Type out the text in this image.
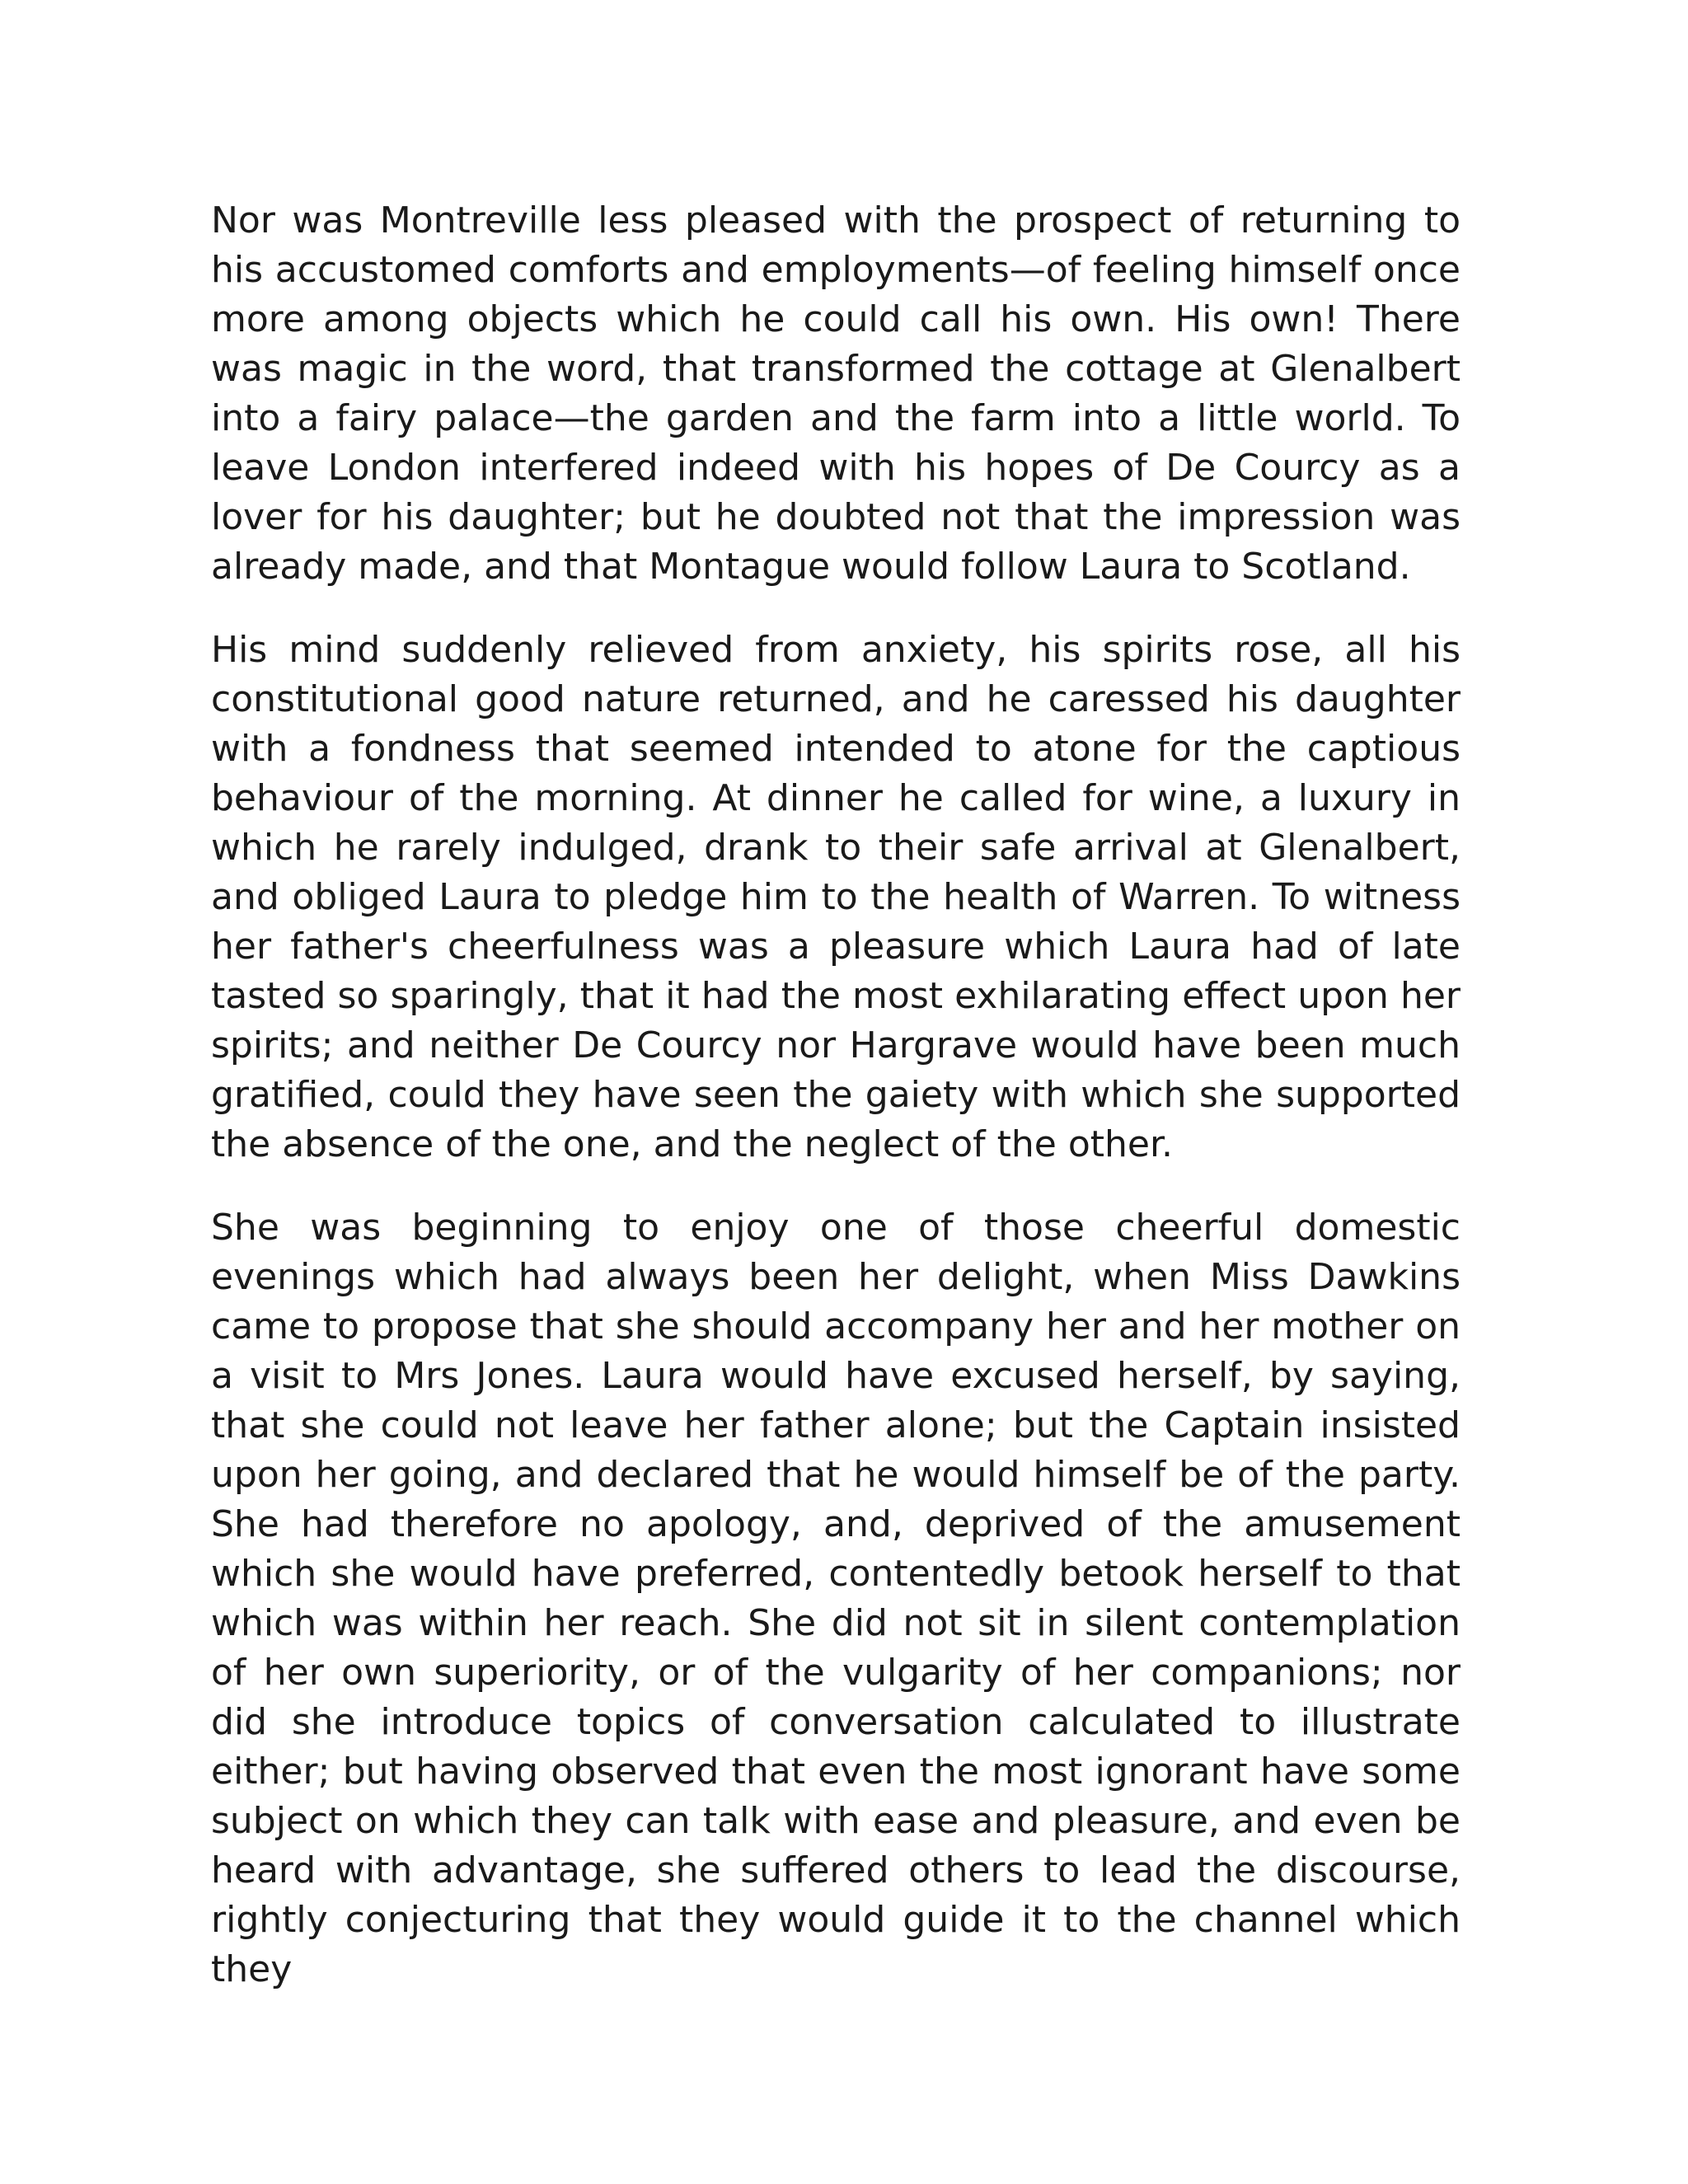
Nor was Montreville less pleased with the prospect of returning to his accustomed comforts and employments—of feeling himself once more among objects which he could call his own. His own! There was magic in the word, that transformed the cottage at Glenalbert into a fairy palace—the garden and the farm into a little world. To leave London interfered indeed with his hopes of De Courcy as a lover for his daughter; but he doubted not that the impression was already made, and that Montague would follow Laura to Scotland.

His mind suddenly relieved from anxiety, his spirits rose, all his constitutional good nature returned, and he caressed his daughter with a fondness that seemed intended to atone for the captious behaviour of the morning. At dinner he called for wine, a luxury in which he rarely indulged, drank to their safe arrival at Glenalbert, and obliged Laura to pledge him to the health of Warren. To witness her father's cheerfulness was a pleasure which Laura had of late tasted so sparingly, that it had the most exhilarating effect upon her spirits; and neither De Courcy nor Hargrave would have been much gratified, could they have seen the gaiety with which she supported the absence of the one, and the neglect of the other.

She was beginning to enjoy one of those cheerful domestic evenings which had always been her delight, when Miss Dawkins came to propose that she should accompany her and her mother on a visit to Mrs Jones. Laura would have excused herself, by saying, that she could not leave her father alone; but the Captain insisted upon her going, and declared that he would himself be of the party. She had therefore no apology, and, deprived of the amusement which she would have preferred, contentedly betook herself to that which was within her reach. She did not sit in silent contemplation of her own superiority, or of the vulgarity of her companions; nor did she introduce topics of conversation calculated to illustrate either; but having observed that even the most ignorant have some subject on which they can talk with ease and pleasure, and even be heard with advantage, she suffered others to lead the discourse, rightly conjecturing that they would guide it to the channel which they
